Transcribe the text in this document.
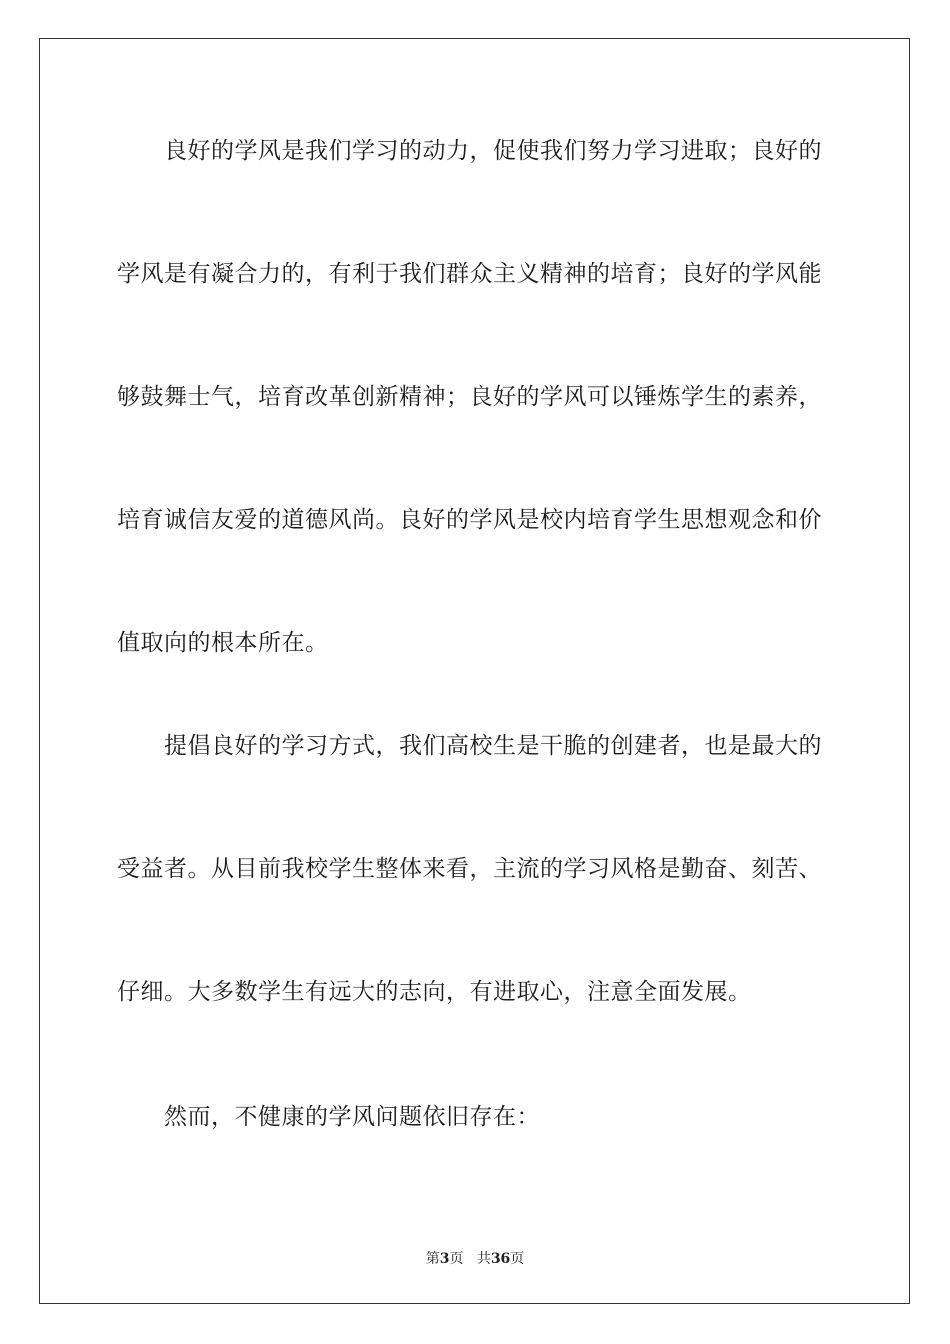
良好的学风是我们学习的动力，促使我们努力学习进取；良好的
学风是有凝合力的，有利于我们群众主义精神的培育；良好的学风能
够鼓舞士气，培育改革创新精神；良好的学风可以锤炼学生的素养，
培育诚信友爱的道德风尚。良好的学风是校内培育学生思想观念和价
值取向的根本所在。
提倡良好的学习方式，我们高校生是干脆的创建者，也是最大的
受益者。从目前我校学生整体来看，主流的学习风格是勤奋、刻苦、
仔细。大多数学生有远大的志向，有进取心，注意全面发展。
然而，不健康的学风问题依旧存在：
第3页 共36页
